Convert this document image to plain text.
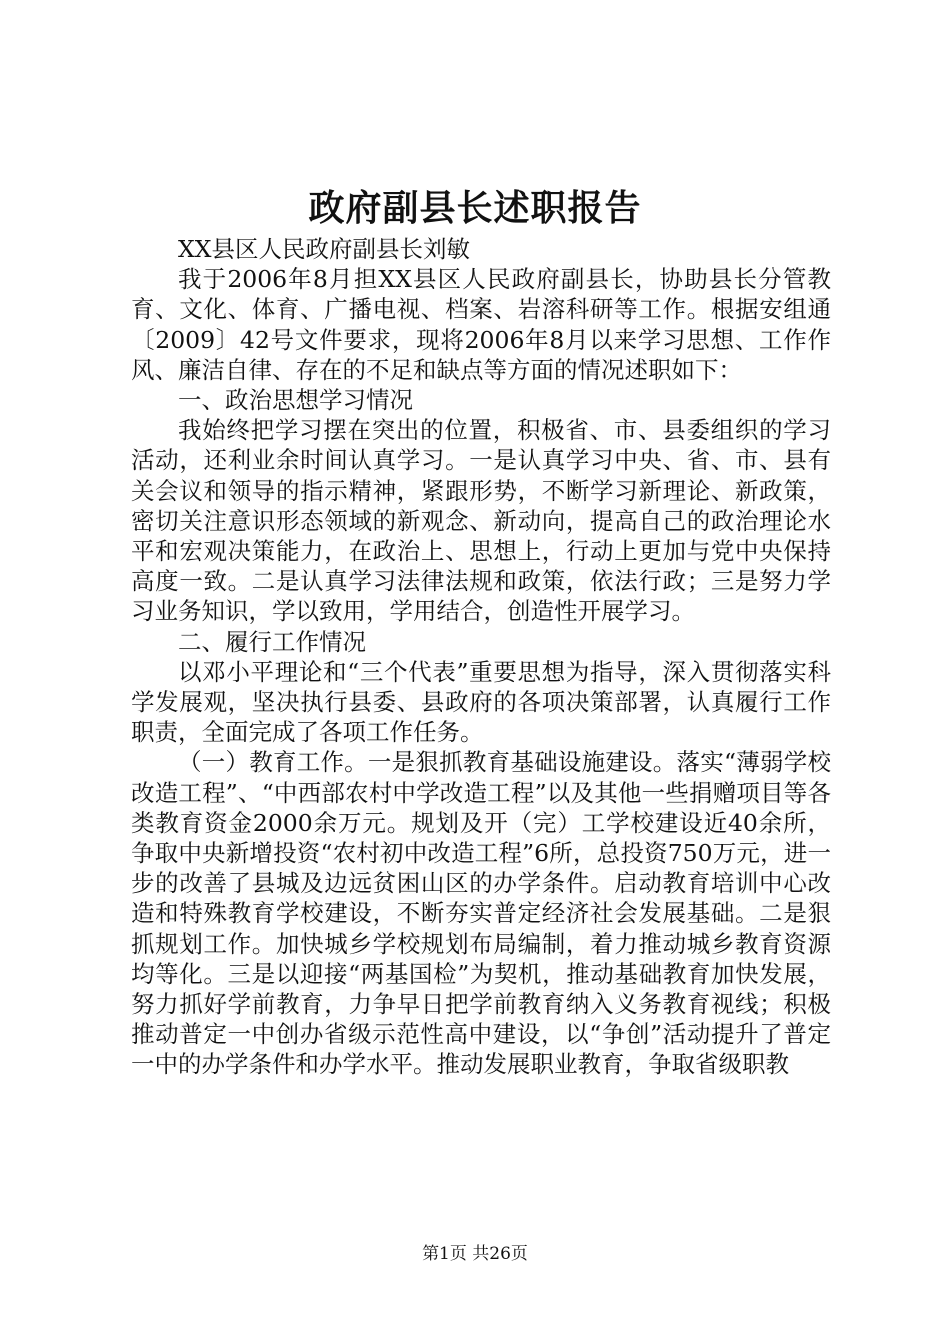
政府副县长述职报告

XX县区人民政府副县长刘敏

我于2006年8月担XX县区人民政府副县长，协助县长分管教育、文化、体育、广播电视、档案、岩溶科研等工作。根据安组通〔2009〕42号文件要求，现将2006年8月以来学习思想、工作作风、廉洁自律、存在的不足和缺点等方面的情况述职如下：

一、政治思想学习情况

我始终把学习摆在突出的位置，积极省、市、县委组织的学习活动，还利业余时间认真学习。一是认真学习中央、省、市、县有关会议和领导的指示精神，紧跟形势，不断学习新理论、新政策，密切关注意识形态领域的新观念、新动向，提高自己的政治理论水平和宏观决策能力，在政治上、思想上，行动上更加与党中央保持高度一致。二是认真学习法律法规和政策，依法行政；三是努力学习业务知识，学以致用，学用结合，创造性开展学习。

二、履行工作情况

以邓小平理论和“三个代表”重要思想为指导，深入贯彻落实科学发展观，坚决执行县委、县政府的各项决策部署，认真履行工作职责，全面完成了各项工作任务。

（一）教育工作。一是狠抓教育基础设施建设。落实“薄弱学校改造工程”、“中西部农村中学改造工程”以及其他一些捐赠项目等各类教育资金2000余万元。规划及开（完）工学校建设近40余所，争取中央新增投资“农村初中改造工程”6所，总投资750万元，进一步的改善了县城及边远贫困山区的办学条件。启动教育培训中心改造和特殊教育学校建设，不断夯实普定经济社会发展基础。二是狠抓规划工作。加快城乡学校规划布局编制，着力推动城乡教育资源均等化。三是以迎接“两基国检”为契机，推动基础教育加快发展，努力抓好学前教育，力争早日把学前教育纳入义务教育视线；积极推动普定一中创办省级示范性高中建设，以“争创”活动提升了普定一中的办学条件和办学水平。推动发展职业教育，争取省级职教

第1页 共26页
